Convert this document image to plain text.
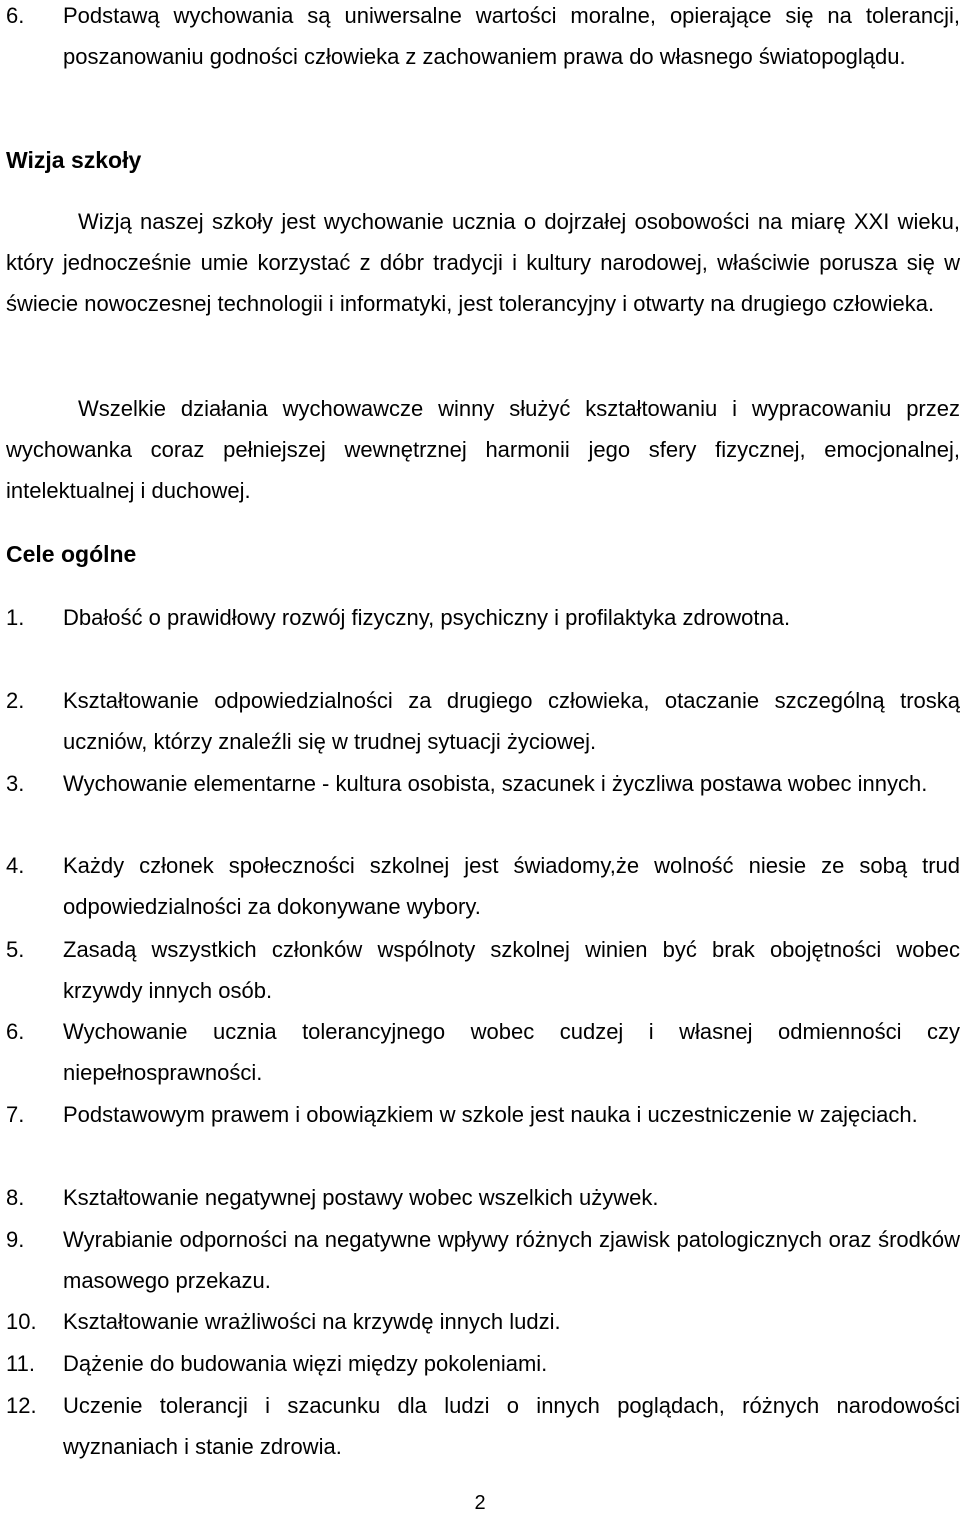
6.	Podstawą wychowania są uniwersalne wartości moralne, opierające się na tolerancji, poszanowaniu godności człowieka z zachowaniem prawa do własnego światopoglądu.
Wizja szkoły
Wizją naszej szkoły jest wychowanie ucznia o dojrzałej osobowości na miarę XXI wieku, który jednocześnie umie korzystać z dóbr tradycji i kultury narodowej, właściwie porusza się w świecie nowoczesnej technologii i informatyki, jest tolerancyjny i otwarty na drugiego człowieka.
Wszelkie działania wychowawcze winny służyć kształtowaniu i wypracowaniu przez wychowanka coraz pełniejszej wewnętrznej harmonii jego sfery fizycznej, emocjonalnej, intelektualnej i duchowej.
Cele ogólne
1.	Dbałość o prawidłowy rozwój fizyczny, psychiczny i profilaktyka zdrowotna.
2.	Kształtowanie odpowiedzialności za drugiego człowieka, otaczanie szczególną troską uczniów, którzy znaleźli się w trudnej sytuacji życiowej.
3.	Wychowanie elementarne - kultura osobista, szacunek i życzliwa postawa wobec innych.
4.	Każdy członek społeczności szkolnej jest świadomy,że wolność niesie ze sobą trud odpowiedzialności za dokonywane wybory.
5.	Zasadą wszystkich członków wspólnoty szkolnej winien być brak obojętności wobec krzywdy innych osób.
6.	Wychowanie ucznia tolerancyjnego wobec cudzej i własnej odmienności czy niepełnosprawności.
7.	Podstawowym prawem i obowiązkiem w szkole jest nauka i uczestniczenie w zajęciach.
8.	Kształtowanie negatywnej postawy wobec wszelkich używek.
9.	Wyrabianie odporności na negatywne wpływy różnych zjawisk patologicznych oraz środków masowego przekazu.
10.	Kształtowanie wrażliwości na krzywdę innych ludzi.
11.	Dążenie do budowania więzi między pokoleniami.
12.	Uczenie tolerancji i szacunku dla ludzi o innych poglądach, różnych narodowości wyznaniach i stanie zdrowia.
2
